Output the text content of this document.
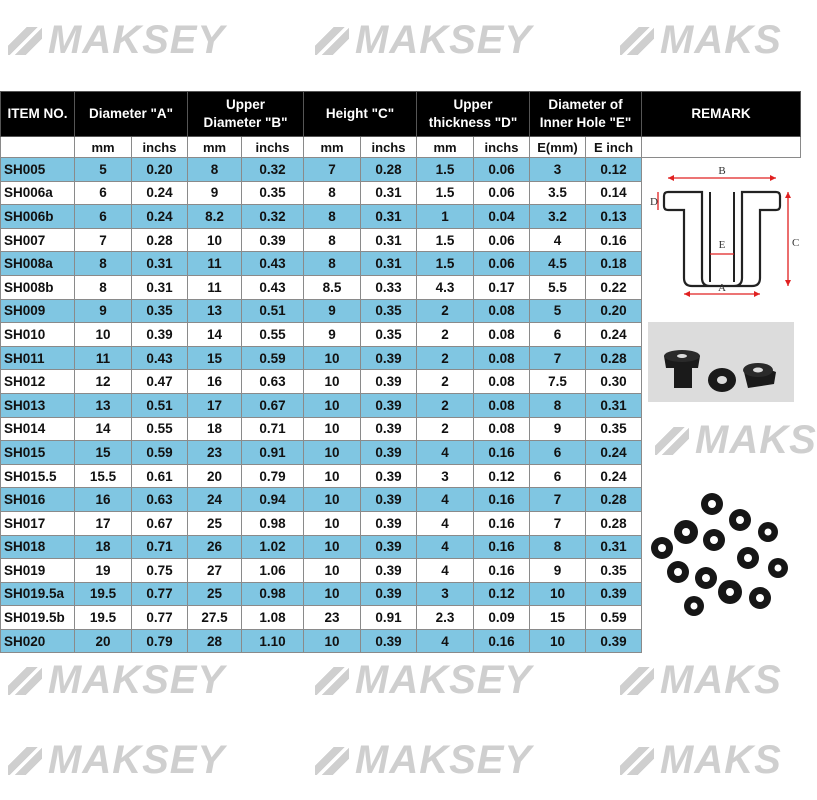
MAKSEY	MAKSEY	MAKS
MAKS
MAKSEY	MAKSEY	MAKS
MAKSEY	MAKSEY	MAKS
ITEM NO.	Diameter "A"		Upper
Diameter "B"		Height "C"		Upper
thickness "D"		Diameter of
Inner Hole "E"		REMARK
	mm	inchs	mm	inchs	mm	inchs	mm	inchs	E(mm)	E inch	
SH005	5	0.20	8	0.32	7	0.28	1.5	0.06	3	0.12	
SH006a	6	0.24	9	0.35	8	0.31	1.5	0.06	3.5	0.14	
SH006b	6	0.24	8.2	0.32	8	0.31	1	0.04	3.2	0.13	
SH007	7	0.28	10	0.39	8	0.31	1.5	0.06	4	0.16	
SH008a	8	0.31	11	0.43	8	0.31	1.5	0.06	4.5	0.18	
SH008b	8	0.31	11	0.43	8.5	0.33	4.3	0.17	5.5	0.22	
SH009	9	0.35	13	0.51	9	0.35	2	0.08	5	0.20	
SH010	10	0.39	14	0.55	9	0.35	2	0.08	6	0.24	
SH011	11	0.43	15	0.59	10	0.39	2	0.08	7	0.28	
SH012	12	0.47	16	0.63	10	0.39	2	0.08	7.5	0.30	
SH013	13	0.51	17	0.67	10	0.39	2	0.08	8	0.31	
SH014	14	0.55	18	0.71	10	0.39	2	0.08	9	0.35	
SH015	15	0.59	23	0.91	10	0.39	4	0.16	6	0.24	
SH015.5	15.5	0.61	20	0.79	10	0.39	3	0.12	6	0.24	
SH016	16	0.63	24	0.94	10	0.39	4	0.16	7	0.28	
SH017	17	0.67	25	0.98	10	0.39	4	0.16	7	0.28	
SH018	18	0.71	26	1.02	10	0.39	4	0.16	8	0.31	
SH019	19	0.75	27	1.06	10	0.39	4	0.16	9	0.35	
SH019.5a	19.5	0.77	25	0.98	10	0.39	3	0.12	10	0.39	
SH019.5b	19.5	0.77	27.5	1.08	23	0.91	2.3	0.09	15	0.59	
SH020	20	0.79	28	1.10	10	0.39	4	0.16	10	0.39	
B
D
E	C
A
